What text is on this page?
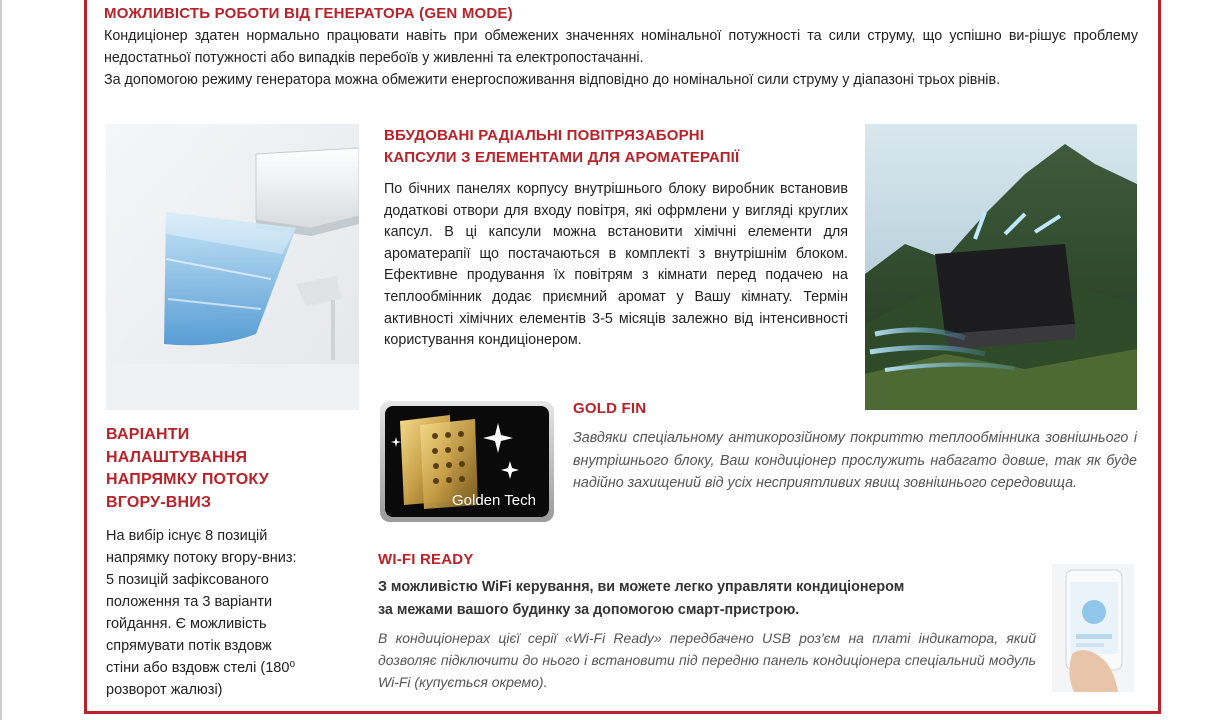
МОЖЛИВІСТЬ РОБОТИ ВІД ГЕНЕРАТОРА (GEN MODE)
Кондиціонер здатен нормально працювати навіть при обмежених значеннях номінальної потужності та сили струму, що успішно ви-рішує проблему недостатньої потужності або випадків перебоїв у живленні та електропостачанні.
За допомогою режиму генератора можна обмежити енергоспоживання відповідно до номінальної сили струму у діапазоні трьох рівнів.
ВБУДОВАНІ РАДІАЛЬНІ ПОВІТРЯЗАБОРНІ
КАПСУЛИ З ЕЛЕМЕНТАМИ ДЛЯ АРОМАТЕРАПІЇ
По бічних панелях корпусу внутрішнього блоку виробник встановив додаткові отвори для входу повітря, які офрмлени у вигляді круглих капсул. В ці капсули можна встановити хімічні елементи для ароматерапії що постачаються в комплекті з внутрішнім блоком. Ефективне продування їх повітрям з кімнати перед подачею на теплообмінник додає приємний аромат у Вашу кімнату. Термін активності хімічних елементів 3-5 місяців залежно від інтенсивності користування кондиціонером.
ВАРІАНТИ
НАЛАШТУВАННЯ
НАПРЯМКУ ПОТОКУ
ВГОРУ-ВНИЗ
На вибір існує 8 позицій
напрямку потоку вгору-вниз:
5 позицій зафіксованого
положення та 3 варіанти
гойдання. Є можливість
спрямувати потік вздовж
стіни або вздовж стелі (180⁰
розворот жалюзі)
Golden Tech
GOLD FIN
Завдяки спеціальному антикорозійному покриттю теплообмінника зовнішнього і внутрішнього блоку, Ваш кондиціонер прослужить набагато довше, так як буде надійно захищений від усіх несприятливих явищ зовнішнього середовища.
WI-FI READY
З можливістю WiFi керування, ви можете легко управляти кондиціонером
за межами вашого будинку за допомогою смарт-пристрою.
В кондиціонерах цієї серії «Wi-Fi Ready» передбачено USB роз'єм на платі індикатора, який дозволяє підключити до нього і встановити під передню панель кондиціонера спеціальний модуль Wi-Fi (купується окремо).
